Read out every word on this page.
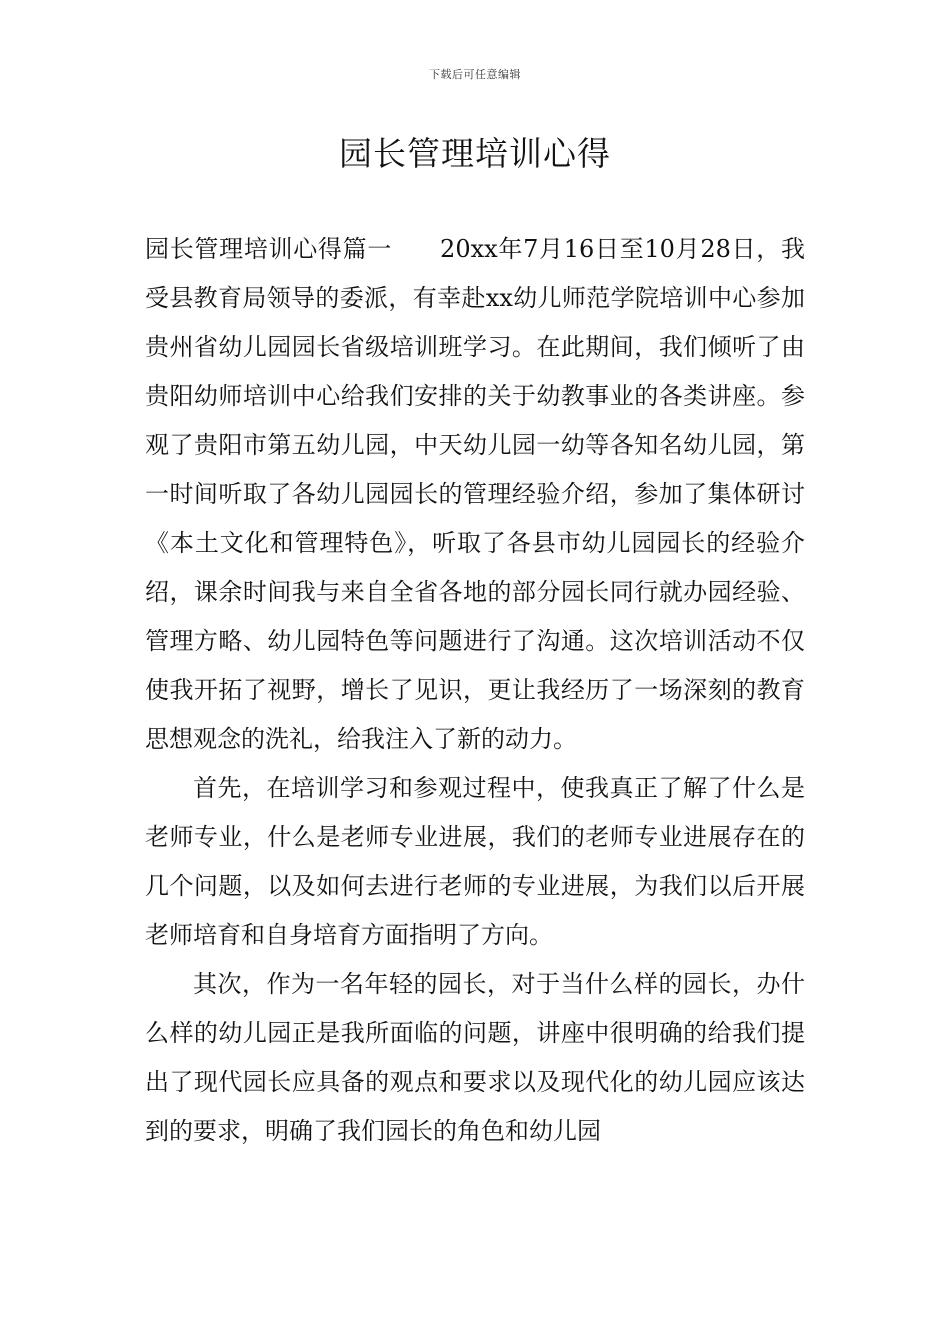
下载后可任意编辑
园长管理培训心得

园长管理培训心得篇一 20xx年7月16日至10月28日，我受县教育局领导的委派，有幸赴xx幼儿师范学院培训中心参加贵州省幼儿园园长省级培训班学习。在此期间，我们倾听了由贵阳幼师培训中心给我们安排的关于幼教事业的各类讲座。参观了贵阳市第五幼儿园，中天幼儿园一幼等各知名幼儿园，第一时间听取了各幼儿园园长的管理经验介绍，参加了集体研讨《本土文化和管理特色》，听取了各县市幼儿园园长的经验介绍，课余时间我与来自全省各地的部分园长同行就办园经验、管理方略、幼儿园特色等问题进行了沟通。这次培训活动不仅使我开拓了视野，增长了见识，更让我经历了一场深刻的教育思想观念的洗礼，给我注入了新的动力。

首先，在培训学习和参观过程中，使我真正了解了什么是老师专业，什么是老师专业进展，我们的老师专业进展存在的几个问题，以及如何去进行老师的专业进展，为我们以后开展老师培育和自身培育方面指明了方向。

其次，作为一名年轻的园长，对于当什么样的园长，办什么样的幼儿园正是我所面临的问题，讲座中很明确的给我们提出了现代园长应具备的观点和要求以及现代化的幼儿园应该达到的要求，明确了我们园长的角色和幼儿园
